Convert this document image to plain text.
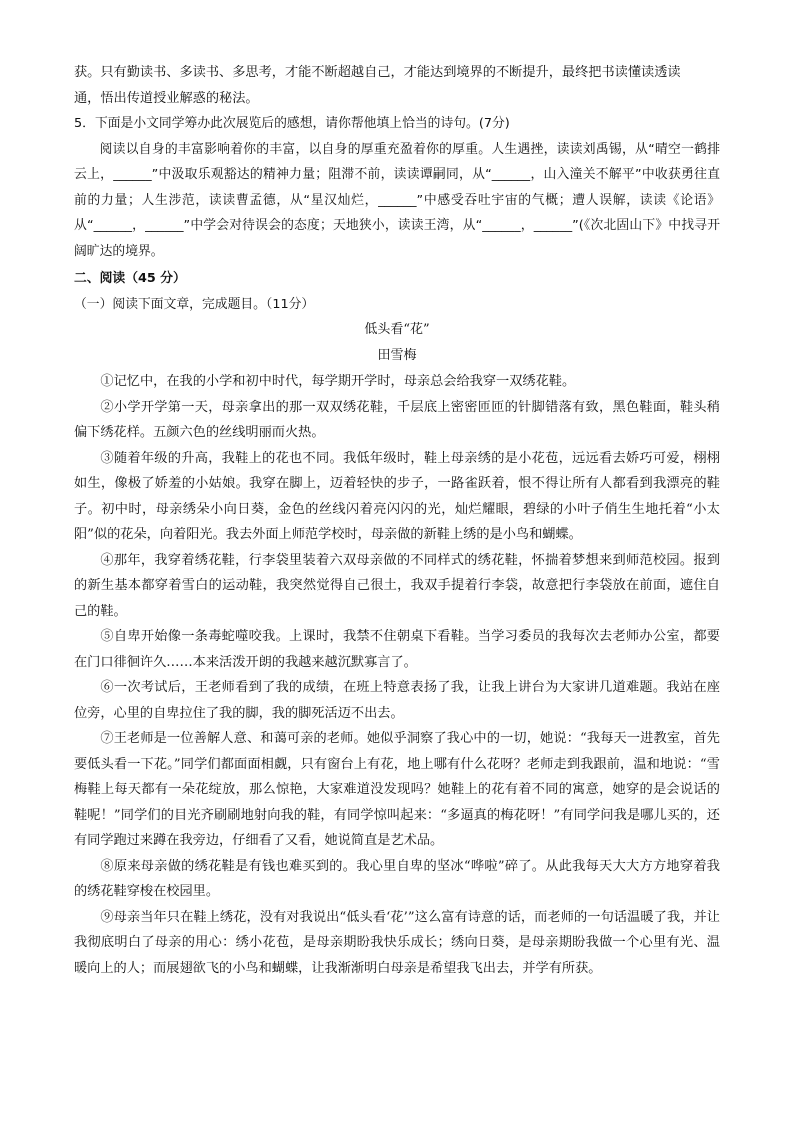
获。只有勤读书、多读书、多思考，才能不断超越自己，才能达到境界的不断提升，最终把书读懂读透读

通，悟出传道授业解惑的秘法。

5．下面是小文同学筹办此次展览后的感想，请你帮他填上恰当的诗句。(7分)

阅读以自身的丰富影响着你的丰富，以自身的厚重充盈着你的厚重。人生遇挫，读读刘禹锡，从“晴空一鹤排云上，______”中汲取乐观豁达的精神力量；阻滞不前，读读谭嗣同，从“______，山入潼关不解平”中收获勇往直前的力量；人生涉范，读读曹孟德，从“星汉灿烂，______”中感受吞吐宇宙的气概；遭人误解，读读《论语》从“______，______”中学会对待误会的态度；天地狭小，读读王湾，从“______，______”(《次北固山下》中找寻开阔旷达的境界。

二、阅读（45 分）

（一）阅读下面文章，完成题目。（11分）

低头看“花”

田雪梅

①记忆中，在我的小学和初中时代，每学期开学时，母亲总会给我穿一双绣花鞋。

②小学开学第一天，母亲拿出的那一双双绣花鞋，千层底上密密匝匝的针脚错落有致，黑色鞋面，鞋头稍偏下绣花样。五颜六色的丝线明丽而火热。

③随着年级的升高，我鞋上的花也不同。我低年级时，鞋上母亲绣的是小花苞，远远看去娇巧可爱，栩栩如生，像极了娇羞的小姑娘。我穿在脚上，迈着轻快的步子，一路雀跃着，恨不得让所有人都看到我漂亮的鞋子。初中时，母亲绣朵小向日葵，金色的丝线闪着亮闪闪的光，灿烂耀眼，碧绿的小叶子俏生生地托着“小太阳”似的花朵，向着阳光。我去外面上师范学校时，母亲做的新鞋上绣的是小鸟和蝴蝶。

④那年，我穿着绣花鞋，行李袋里装着六双母亲做的不同样式的绣花鞋，怀揣着梦想来到师范校园。报到的新生基本都穿着雪白的运动鞋，我突然觉得自己很土，我双手提着行李袋，故意把行李袋放在前面，遮住自己的鞋。

⑤自卑开始像一条毒蛇噬咬我。上课时，我禁不住朝桌下看鞋。当学习委员的我每次去老师办公室，都要在门口徘徊许久……本来活泼开朗的我越来越沉默寡言了。

⑥一次考试后，王老师看到了我的成绩，在班上特意表扬了我，让我上讲台为大家讲几道难题。我站在座位旁，心里的自卑拉住了我的脚，我的脚死活迈不出去。

⑦王老师是一位善解人意、和蔼可亲的老师。她似乎洞察了我心中的一切，她说：“我每天一进教室，首先要低头看一下花。”同学们都面面相觑，只有窗台上有花，地上哪有什么花呀？老师走到我跟前，温和地说：“雪梅鞋上每天都有一朵花绽放，那么惊艳，大家难道没发现吗？她鞋上的花有着不同的寓意，她穿的是会说话的鞋呢！”同学们的目光齐刷刷地射向我的鞋，有同学惊叫起来：“多逼真的梅花呀！”有同学问我是哪儿买的，还有同学跑过来蹲在我旁边，仔细看了又看，她说简直是艺术品。

⑧原来母亲做的绣花鞋是有钱也难买到的。我心里自卑的坚冰“哗啦”碎了。从此我每天大大方方地穿着我的绣花鞋穿梭在校园里。

⑨母亲当年只在鞋上绣花，没有对我说出“低头看‘花’”这么富有诗意的话，而老师的一句话温暖了我，并让我彻底明白了母亲的用心：绣小花苞，是母亲期盼我快乐成长；绣向日葵，是母亲期盼我做一个心里有光、温暖向上的人；而展翅欲飞的小鸟和蝴蝶，让我渐渐明白母亲是希望我飞出去，并学有所获。
